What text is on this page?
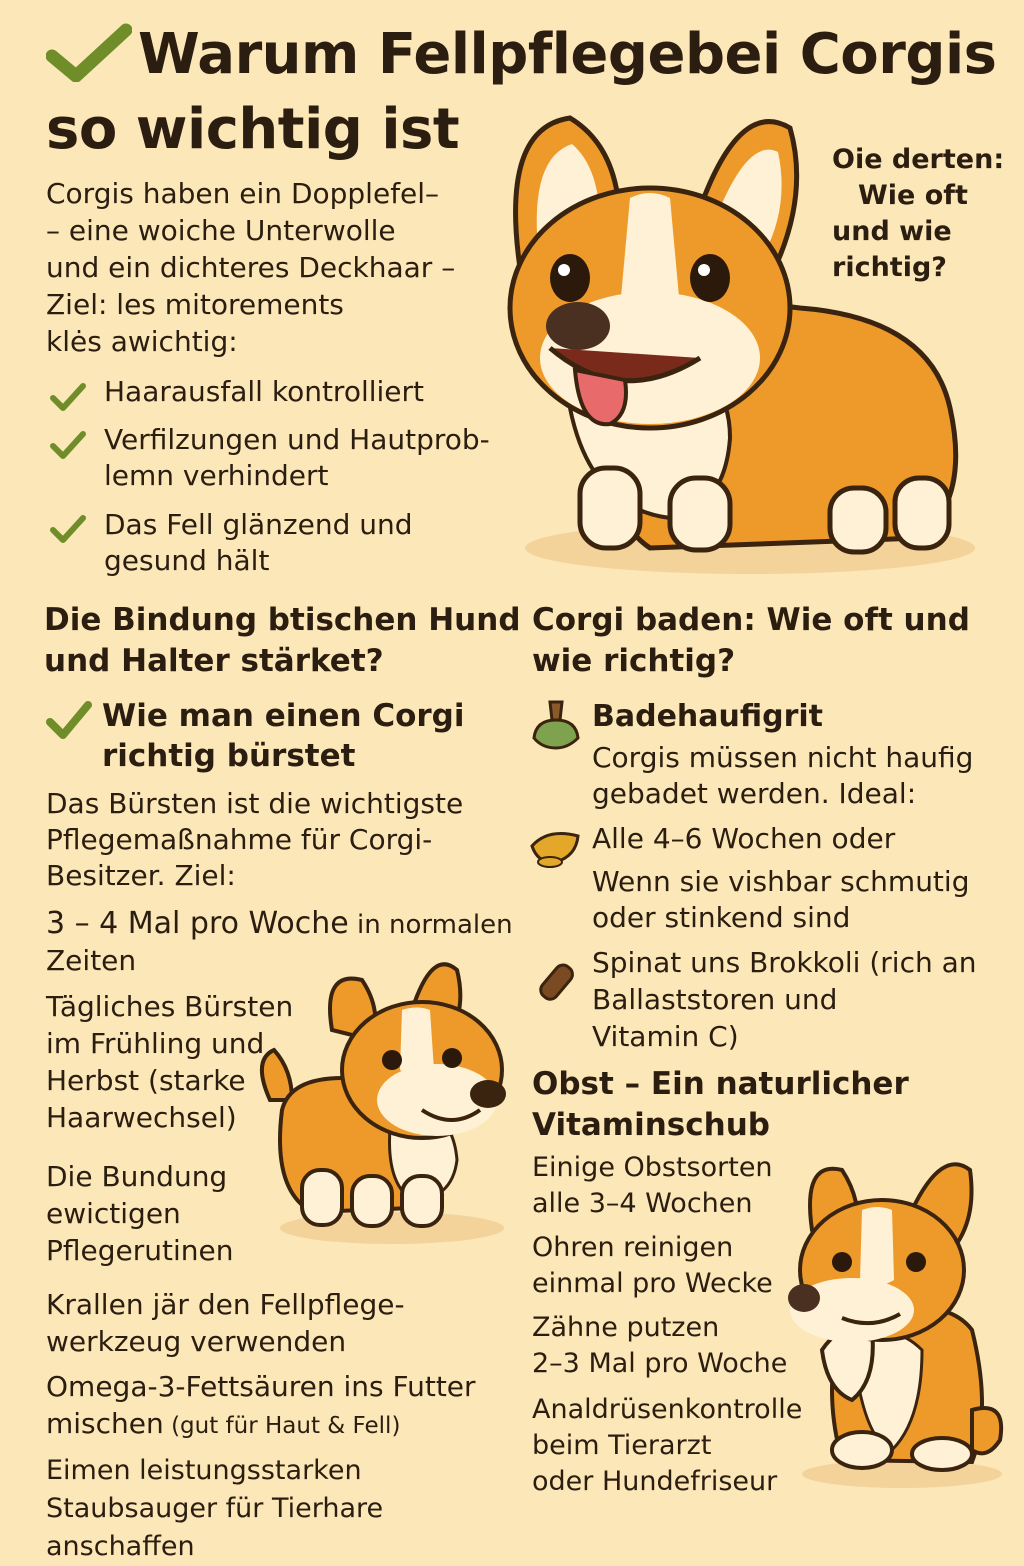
Warum Fellpflegebei Corgis
so wichtig ist
Corgis haben ein Dopplefel–
– eine woiche Unterwolle
und ein dichteres Deckhaar –
Ziel: les mitorements
klės awichtig:
Haarausfall kontrolliert
Verfilzungen und Hautprob-
lemn verhindert
Das Fell glänzend und
gesund hält
Oie derten:
Wie oft
und wie
richtig?
Die Bindung btischen Hund
und Halter stärket?
Wie man einen Corgi
richtig bürstet
Das Bürsten ist die wichtigste
Pflegemaßnahme für Corgi-
Besitzer. Ziel:
3 – 4 Mal pro Woche in normalen
Zeiten
Tägliches Bürsten
im Frühling und
Herbst (starke
Haarwechsel)
Die Bundung
ewictigen
Pflegerutinen
Krallen jär den Fellpflege-
werkzeug verwenden
Omega-3-Fettsäuren ins Futter
mischen (gut für Haut & Fell)
Eimen leistungsstarken
Staubsauger für Tierhare anschaffen
Corgi baden: Wie oft und
wie richtig?
Badehaufigrit
Corgis müssen nicht haufig
gebadet werden. Ideal:
Alle 4–6 Wochen oder
Wenn sie vishbar schmutig
oder stinkend sind
Spinat uns Brokkoli (rich an
Ballaststoren und
Vitamin C)
Obst – Ein naturlicher
Vitaminschub
Einige Obstsorten
alle 3–4 Wochen
Ohren reinigen
einmal pro Wecke
Zähne putzen
2–3 Mal pro Woche
Analdrüsenkontrolle
beim Tierarzt
oder Hundefriseur
